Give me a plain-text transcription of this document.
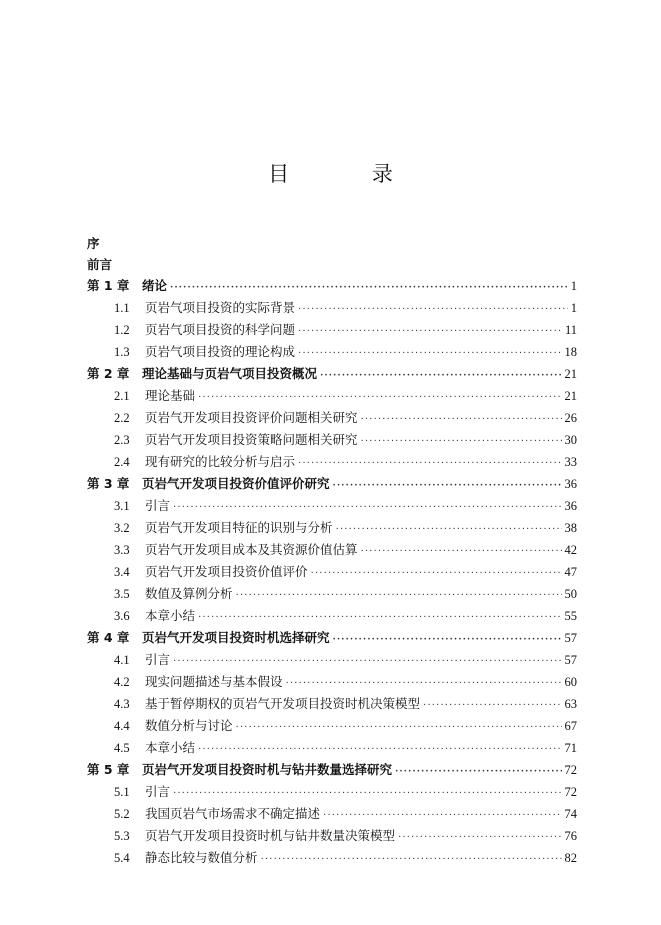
目 录
序
前言
第 1 章	绪论 ·····	1
1.1	页岩气项目投资的实际背景 ·····	1
1.2	页岩气项目投资的科学问题 ·····	11
1.3	页岩气项目投资的理论构成 ·····	18
第 2 章	理论基础与页岩气项目投资概况 ·····	21
2.1	理论基础 ·····	21
2.2	页岩气开发项目投资评价问题相关研究 ·····	26
2.3	页岩气开发项目投资策略问题相关研究 ·····	30
2.4	现有研究的比较分析与启示 ·····	33
第 3 章	页岩气开发项目投资价值评价研究 ·····	36
3.1	引言 ·····	36
3.2	页岩气开发项目特征的识别与分析 ·····	38
3.3	页岩气开发项目成本及其资源价值估算 ·····	42
3.4	页岩气开发项目投资价值评价 ·····	47
3.5	数值及算例分析 ·····	50
3.6	本章小结 ·····	55
第 4 章	页岩气开发项目投资时机选择研究 ·····	57
4.1	引言 ·····	57
4.2	现实问题描述与基本假设 ·····	60
4.3	基于暂停期权的页岩气开发项目投资时机决策模型 ·····	63
4.4	数值分析与讨论 ·····	67
4.5	本章小结 ·····	71
第 5 章	页岩气开发项目投资时机与钻井数量选择研究 ·····	72
5.1	引言 ·····	72
5.2	我国页岩气市场需求不确定描述 ·····	74
5.3	页岩气开发项目投资时机与钻井数量决策模型 ·····	76
5.4	静态比较与数值分析 ·····	82
